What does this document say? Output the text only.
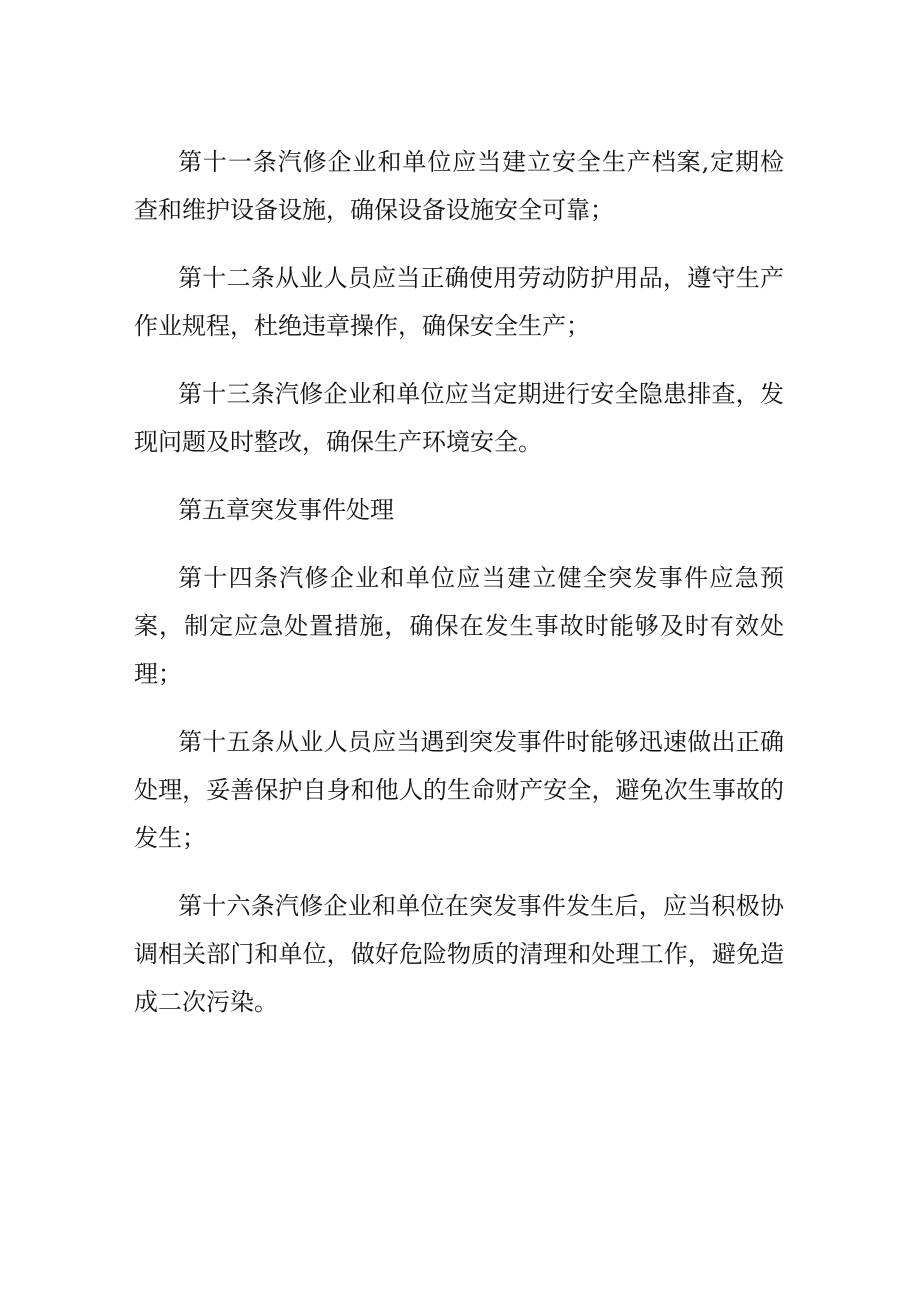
第十一条汽修企业和单位应当建立安全生产档案,定期检查和维护设备设施，确保设备设施安全可靠；

第十二条从业人员应当正确使用劳动防护用品，遵守生产作业规程，杜绝违章操作，确保安全生产；

第十三条汽修企业和单位应当定期进行安全隐患排查，发现问题及时整改，确保生产环境安全。

第五章突发事件处理

第十四条汽修企业和单位应当建立健全突发事件应急预案，制定应急处置措施，确保在发生事故时能够及时有效处理；

第十五条从业人员应当遇到突发事件时能够迅速做出正确处理，妥善保护自身和他人的生命财产安全，避免次生事故的发生；

第十六条汽修企业和单位在突发事件发生后，应当积极协调相关部门和单位，做好危险物质的清理和处理工作，避免造成二次污染。
